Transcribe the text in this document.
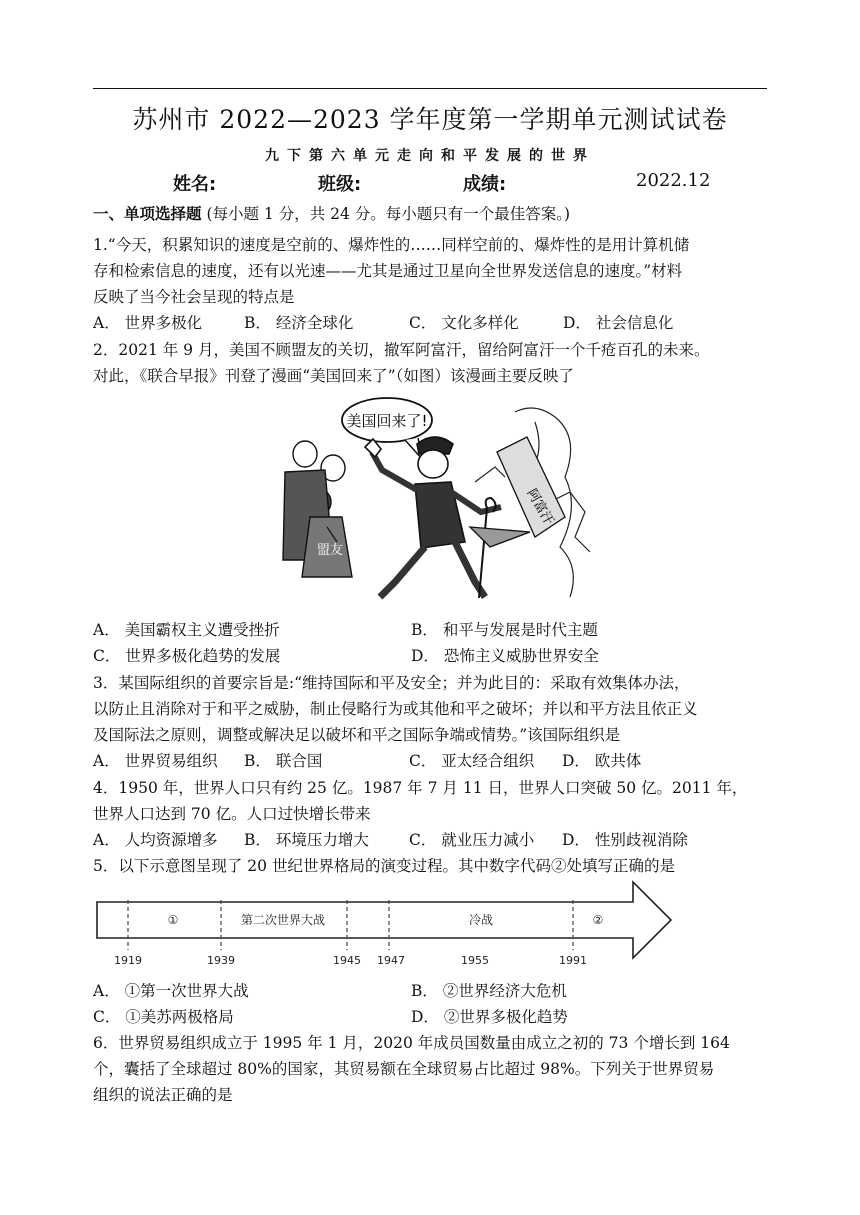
苏州市 2022—2023 学年度第一学期单元测试试卷
九下第六单元走向和平发展的世界
姓名:	班级:	成绩:	2022.12
一、单项选择题 (每小题 1 分，共 24 分。每小题只有一个最佳答案。)
1.“今天，积累知识的速度是空前的、爆炸性的……同样空前的、爆炸性的是用计算机储
存和检索信息的速度，还有以光速——尤其是通过卫星向全世界发送信息的速度。”材料
反映了当今社会呈现的特点是
A． 世界多极化	B． 经济全球化	C． 文化多样化	D． 社会信息化
2．2021 年 9 月，美国不顾盟友的关切，撤军阿富汗，留给阿富汗一个千疮百孔的未来。
对此，《联合早报》刊登了漫画“美国回来了”（如图）该漫画主要反映了
美国回来了!
盟友
阿富汗
A． 美国霸权主义遭受挫折	B． 和平与发展是时代主题
C． 世界多极化趋势的发展	D． 恐怖主义威胁世界安全
3．某国际组织的首要宗旨是:“维持国际和平及安全；并为此目的：采取有效集体办法，
以防止且消除对于和平之威胁，制止侵略行为或其他和平之破坏；并以和平方法且依正义
及国际法之原则，调整或解决足以破坏和平之国际争端或情势。”该国际组织是
A． 世界贸易组织 B． 联合国	C． 亚太经合组织 D． 欧共体
4．1950 年，世界人口只有约 25 亿。1987 年 7 月 11 日，世界人口突破 50 亿。2011 年，
世界人口达到 70 亿。人口过快增长带来
A． 人均资源增多 B． 环境压力增大	C． 就业压力减小 D． 性别歧视消除
5．以下示意图呈现了 20 世纪世界格局的演变过程。其中数字代码②处填写正确的是
①	第二次世界大战	冷战	②
1919	1939	1945 1947	1955	1991
A． ①第一次世界大战	B． ②世界经济大危机
C． ①美苏两极格局	D． ②世界多极化趋势
6．世界贸易组织成立于 1995 年 1 月，2020 年成员国数量由成立之初的 73 个增长到 164
个，囊括了全球超过 80%的国家，其贸易额在全球贸易占比超过 98%。下列关于世界贸易
组织的说法正确的是
